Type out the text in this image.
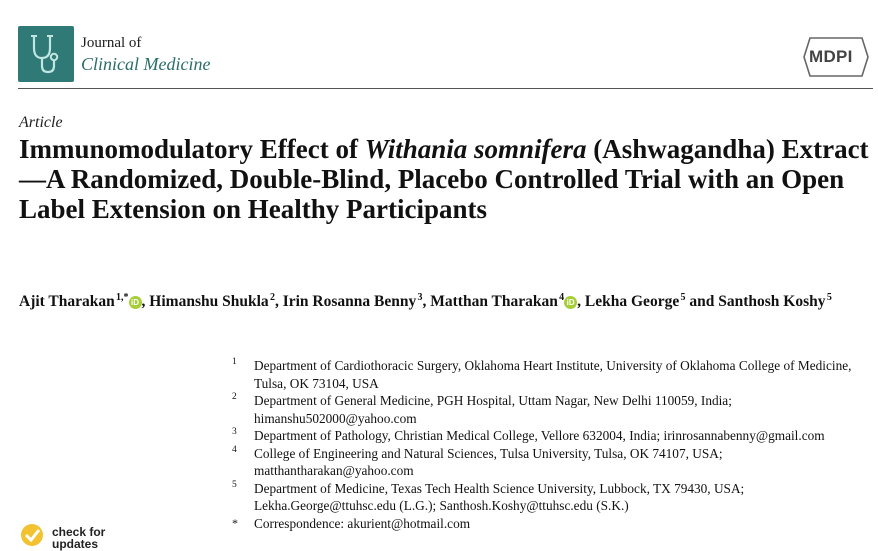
Journal of
Clinical Medicine	MDPI
Article
Immunomodulatory Effect of Withania somnifera (Ashwagandha) Extract—A Randomized, Double-Blind, Placebo Controlled Trial with an Open Label Extension on Healthy Participants
Ajit Tharakan $^{1,*}$ iD , Himanshu Shukla $^2$, Irin Rosanna Benny $^3$, Matthan Tharakan $^4$ iD , Lekha George $^5$ and Santhosh Koshy $^5$
1 Department of Cardiothoracic Surgery, Oklahoma Heart Institute, University of Oklahoma College of Medicine, Tulsa, OK 73104, USA
2 Department of General Medicine, PGH Hospital, Uttam Nagar, New Delhi 110059, India; himanshu502000@yahoo.com
3 Department of Pathology, Christian Medical College, Vellore 632004, India; irinrosannabenny@gmail.com
4 College of Engineering and Natural Sciences, Tulsa University, Tulsa, OK 74107, USA; matthantharakan@yahoo.com
5 Department of Medicine, Texas Tech Health Science University, Lubbock, TX 79430, USA; Lekha.George@ttuhsc.edu (L.G.); Santhosh.Koshy@ttuhsc.edu (S.K.)
* Correspondence: akurient@hotmail.com
check for
updates
